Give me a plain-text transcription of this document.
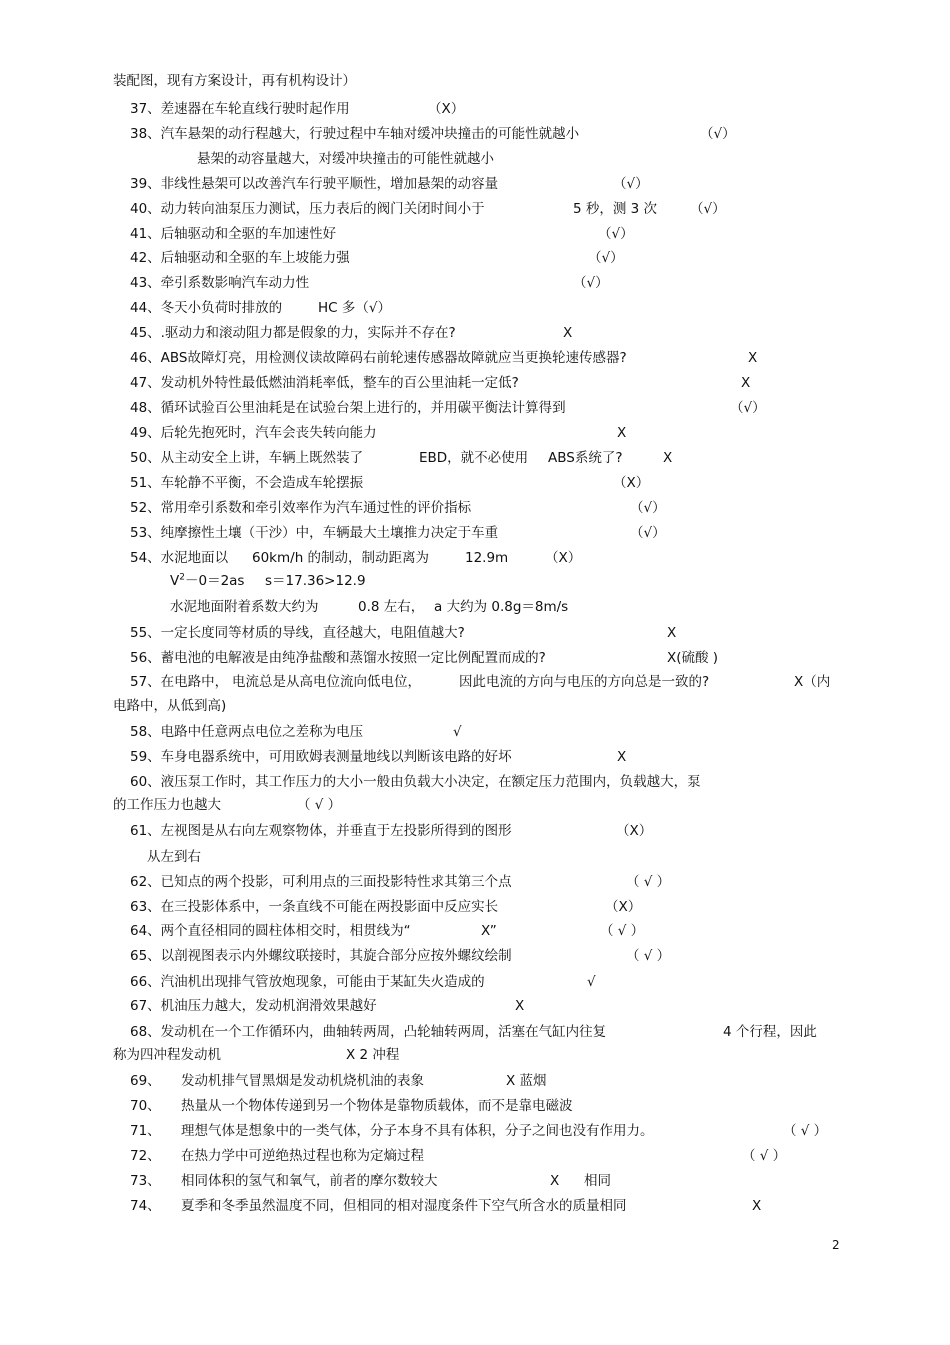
装配图，现有方案设计，再有机构设计）
37、差速器在车轮直线行驶时起作用	（X）
38、汽车悬架的动行程越大，行驶过程中车轴对缓冲块撞击的可能性就越小	（√）
悬架的动容量越大，对缓冲块撞击的可能性就越小
39、非线性悬架可以改善汽车行驶平顺性，增加悬架的动容量	（√）
40、动力转向油泵压力测试，压力表后的阀门关闭时间小于	5 秒，测 3 次 （√）
41、后轴驱动和全驱的车加速性好	（√）
42、后轴驱动和全驱的车上坡能力强	（√）
43、牵引系数影响汽车动力性	（√）
44、冬天小负荷时排放的	HC 多（√）
45、.驱动力和滚动阻力都是假象的力，实际并不存在?	X
46、ABS故障灯亮，用检测仪读故障码右前轮速传感器故障就应当更换轮速传感器?	X
47、发动机外特性最低燃油消耗率低，整车的百公里油耗一定低?	X
48、循环试验百公里油耗是在试验台架上进行的，并用碳平衡法计算得到	（√）
49、后轮先抱死时，汽车会丧失转向能力	X
50、从主动安全上讲，车辆上既然装了	EBD，就不必使用 ABS系统了?	X
51、车轮静不平衡，不会造成车轮摆振	（X）
52、常用牵引系数和牵引效率作为汽车通过性的评价指标	（√）
53、纯摩擦性土壤（干沙）中，车辆最大土壤推力决定于车重	（√）
54、水泥地面以 60km/h 的制动，制动距离为	12.9m	（X）
$V^2-0=2as$ s＝17.36>12.9
水泥地面附着系数大约为	0.8 左右， a 大约为 0.8g＝8m/s
55、一定长度同等材质的导线，直径越大，电阻值越大?	X
56、蓄电池的电解液是由纯净盐酸和蒸馏水按照一定比例配置而成的?	X(硫酸 )
57、在电路中， 电流总是从高电位流向低电位，	因此电流的方向与电压的方向总是一致的?	X（内
电路中，从低到高)
58、电路中任意两点电位之差称为电压	√
59、车身电器系统中，可用欧姆表测量地线以判断该电路的好坏	X
60、液压泵工作时，其工作压力的大小一般由负载大小决定，在额定压力范围内，负载越大，泵
的工作压力也越大	（ √ ）
61、左视图是从右向左观察物体，并垂直于左投影所得到的图形	（X）
从左到右
62、已知点的两个投影，可利用点的三面投影特性求其第三个点	（ √ ）
63、在三投影体系中，一条直线不可能在两投影面中反应实长	（X）
64、两个直径相同的圆柱体相交时，相贯线为“	X”	（ √ ）
65、以剖视图表示内外螺纹联接时，其旋合部分应按外螺纹绘制	（ √ ）
66、汽油机出现排气管放炮现象，可能由于某缸失火造成的	√
67、机油压力越大，发动机润滑效果越好	X
68、发动机在一个工作循环内，曲轴转两周，凸轮轴转两周，活塞在气缸内往复	4 个行程，因此
称为四冲程发动机	X 2 冲程
69、 发动机排气冒黑烟是发动机烧机油的表象	X 蓝烟
70、 热量从一个物体传递到另一个物体是靠物质载体，而不是靠电磁波
71、 理想气体是想象中的一类气体，分子本身不具有体积，分子之间也没有作用力。	（ √ ）
72、 在热力学中可逆绝热过程也称为定熵过程	（ √ ）
73、 相同体积的氢气和氧气，前者的摩尔数较大	X 相同
74、 夏季和冬季虽然温度不同，但相同的相对湿度条件下空气所含水的质量相同	X
2
